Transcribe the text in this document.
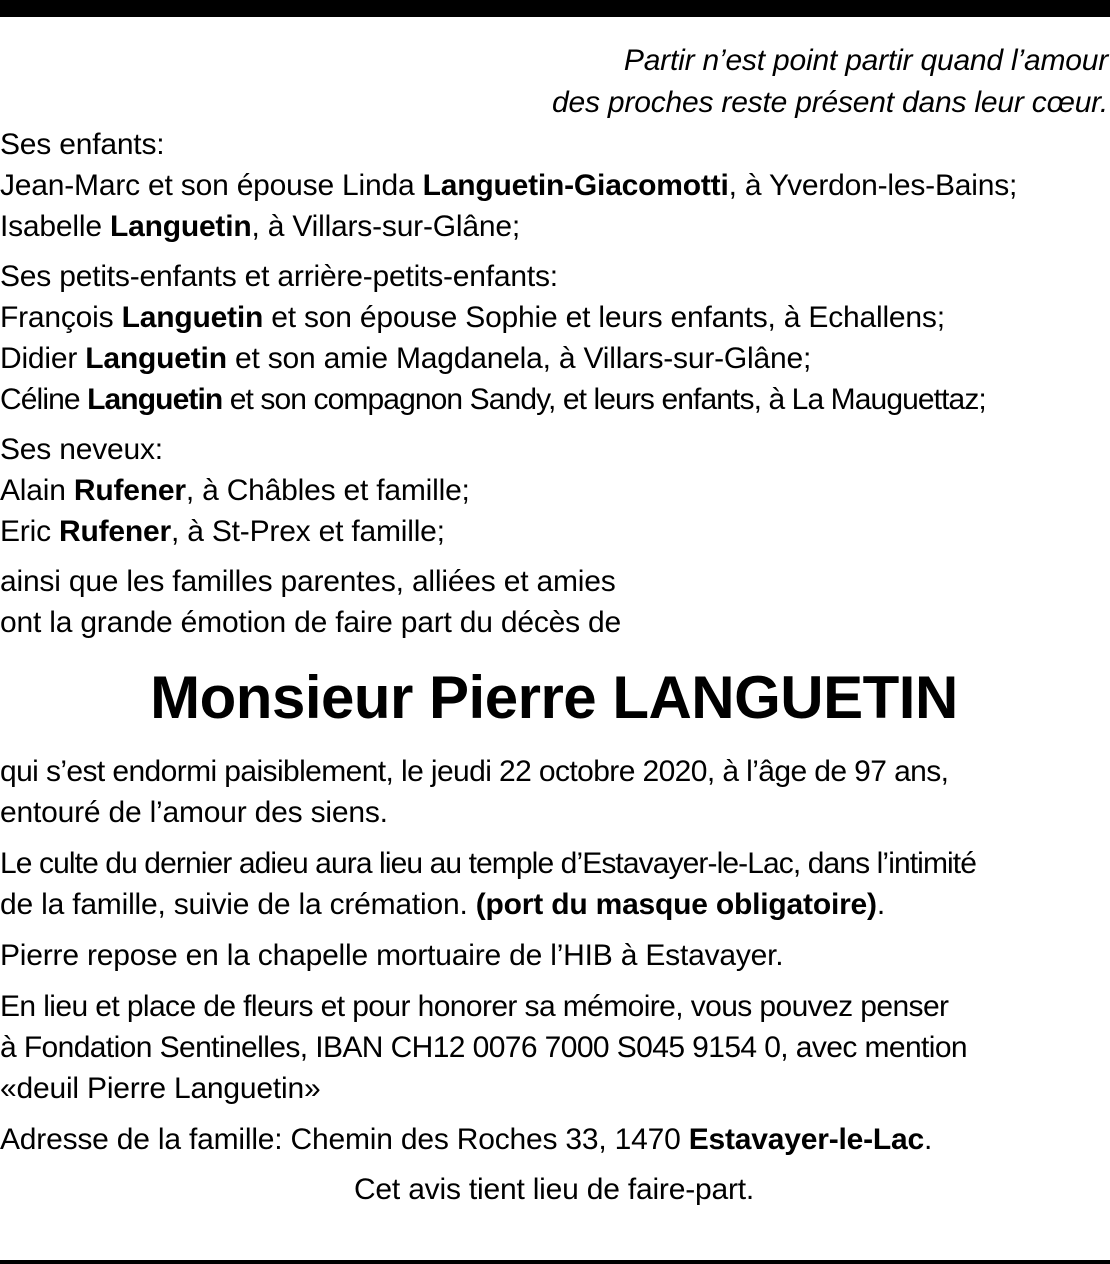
Partir n’est point partir quand l’amour
des proches reste présent dans leur cœur.
Ses enfants:
Jean-Marc et son épouse Linda Languetin-Giacomotti, à Yverdon-les-Bains;
Isabelle Languetin, à Villars-sur-Glâne;
Ses petits-enfants et arrière-petits-enfants:
François Languetin et son épouse Sophie et leurs enfants, à Echallens;
Didier Languetin et son amie Magdanela, à Villars-sur-Glâne;
Céline Languetin et son compagnon Sandy, et leurs enfants, à La Mauguettaz;
Ses neveux:
Alain Rufener, à Châbles et famille;
Eric Rufener, à St-Prex et famille;
ainsi que les familles parentes, alliées et amies
ont la grande émotion de faire part du décès de
Monsieur Pierre LANGUETIN
qui s’est endormi paisiblement, le jeudi 22 octobre 2020, à l’âge de 97 ans,
entouré de l’amour des siens.
Le culte du dernier adieu aura lieu au temple d’Estavayer-le-Lac, dans l’intimité
de la famille, suivie de la crémation. (port du masque obligatoire).
Pierre repose en la chapelle mortuaire de l’HIB à Estavayer.
En lieu et place de fleurs et pour honorer sa mémoire, vous pouvez penser
à Fondation Sentinelles, IBAN CH12 0076 7000 S045 9154 0, avec mention
«deuil Pierre Languetin»
Adresse de la famille: Chemin des Roches 33, 1470 Estavayer-le-Lac.
Cet avis tient lieu de faire-part.
